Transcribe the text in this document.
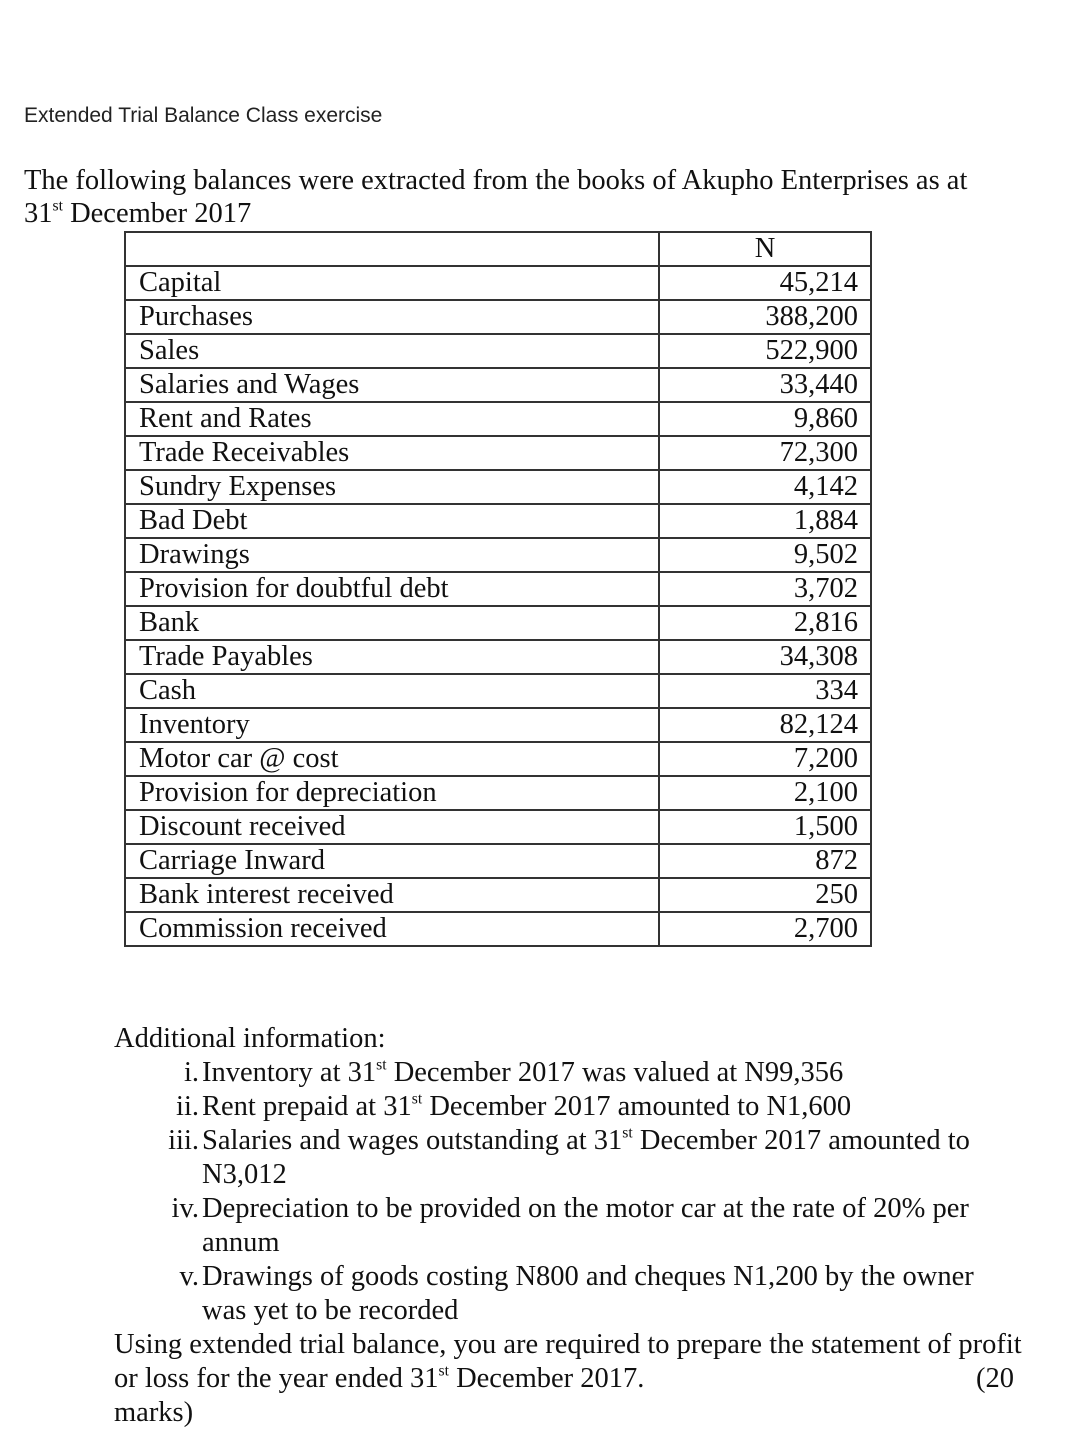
Extended Trial Balance Class exercise
The following balances were extracted from the books of Akupho Enterprises as at
31st December 2017
	N
Capital	45,214
Purchases	388,200
Sales	522,900
Salaries and Wages	33,440
Rent and Rates	9,860
Trade Receivables	72,300
Sundry Expenses	4,142
Bad Debt	1,884
Drawings	9,502
Provision for doubtful debt	3,702
Bank	2,816
Trade Payables	34,308
Cash	334
Inventory	82,124
Motor car @ cost	7,200
Provision for depreciation	2,100
Discount received	1,500
Carriage Inward	872
Bank interest received	250
Commission received	2,700

Additional information:

i. Inventory at 31st December 2017 was valued at N99,356
ii. Rent prepaid at 31st December 2017 amounted to N1,600
iii. Salaries and wages outstanding at 31st December 2017 amounted to N3,012
iv. Depreciation to be provided on the motor car at the rate of 20% per annum
v. Drawings of goods costing N800 and cheques N1,200 by the owner was yet to be recorded

Using extended trial balance, you are required to prepare the statement of profit or loss for the year ended 31st December 2017.	(20

marks)
